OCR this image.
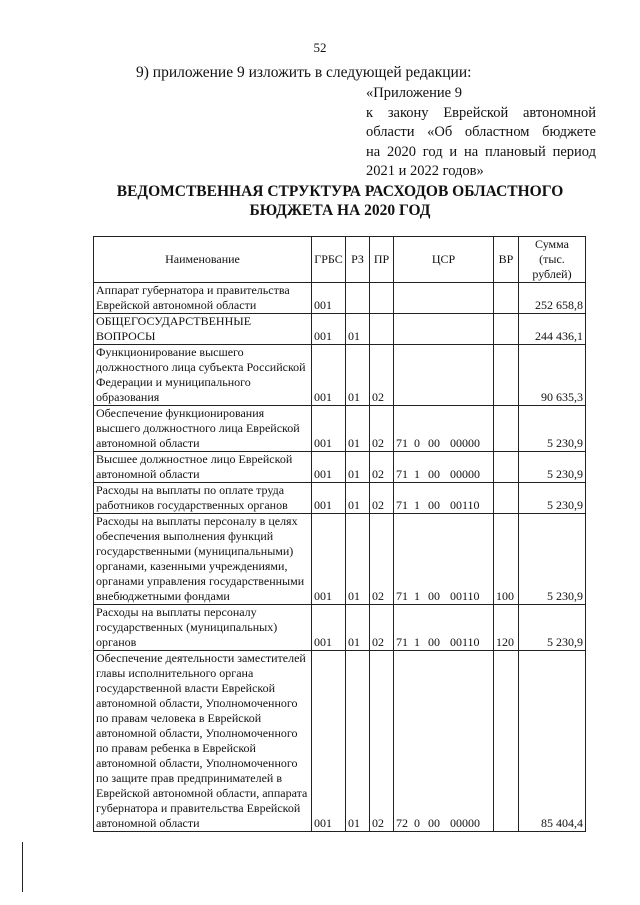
52
9) приложение 9 изложить в следующей редакции:
«Приложение 9
к закону Еврейской автономной
области «Об областном бюджете
на 2020 год и на плановый период
2021 и 2022 годов»
ВЕДОМСТВЕННАЯ СТРУКТУРА РАСХОДОВ ОБЛАСТНОГО
БЮДЖЕТА НА 2020 ГОД
Наименование	ГРБС	РЗ	ПР	ЦСР	ВР	Сумма (тыс. рублей)
Аппарат губернатора и правительства Еврейской автономной области	001					252 658,8
ОБЩЕГОСУДАРСТВЕННЫЕ ВОПРОСЫ	001	01				244 436,1
Функционирование высшего должностного лица субъекта Российской Федерации и муниципального образования	001	01	02			90 635,3
Обеспечение функционирования высшего должностного лица Еврейской автономной области	001	01	02	71 0 00 00000		5 230,9
Высшее должностное лицо Еврейской автономной области	001	01	02	71 1 00 00000		5 230,9
Расходы на выплаты по оплате труда работников государственных органов	001	01	02	71 1 00 00110		5 230,9
Расходы на выплаты персоналу в целях обеспечения выполнения функций государственными (муниципальными) органами, казенными учреждениями, органами управления государственными внебюджетными фондами	001	01	02	71 1 00 00110	100	5 230,9
Расходы на выплаты персоналу государственных (муниципальных) органов	001	01	02	71 1 00 00110	120	5 230,9
Обеспечение деятельности заместителей главы исполнительного органа государственной власти Еврейской автономной области, Уполномоченного по правам человека в Еврейской автономной области, Уполномоченного по правам ребенка в Еврейской автономной области, Уполномоченного по защите прав предпринимателей в Еврейской автономной области, аппарата губернатора и правительства Еврейской автономной области	001	01	02	72 0 00 00000		85 404,4
